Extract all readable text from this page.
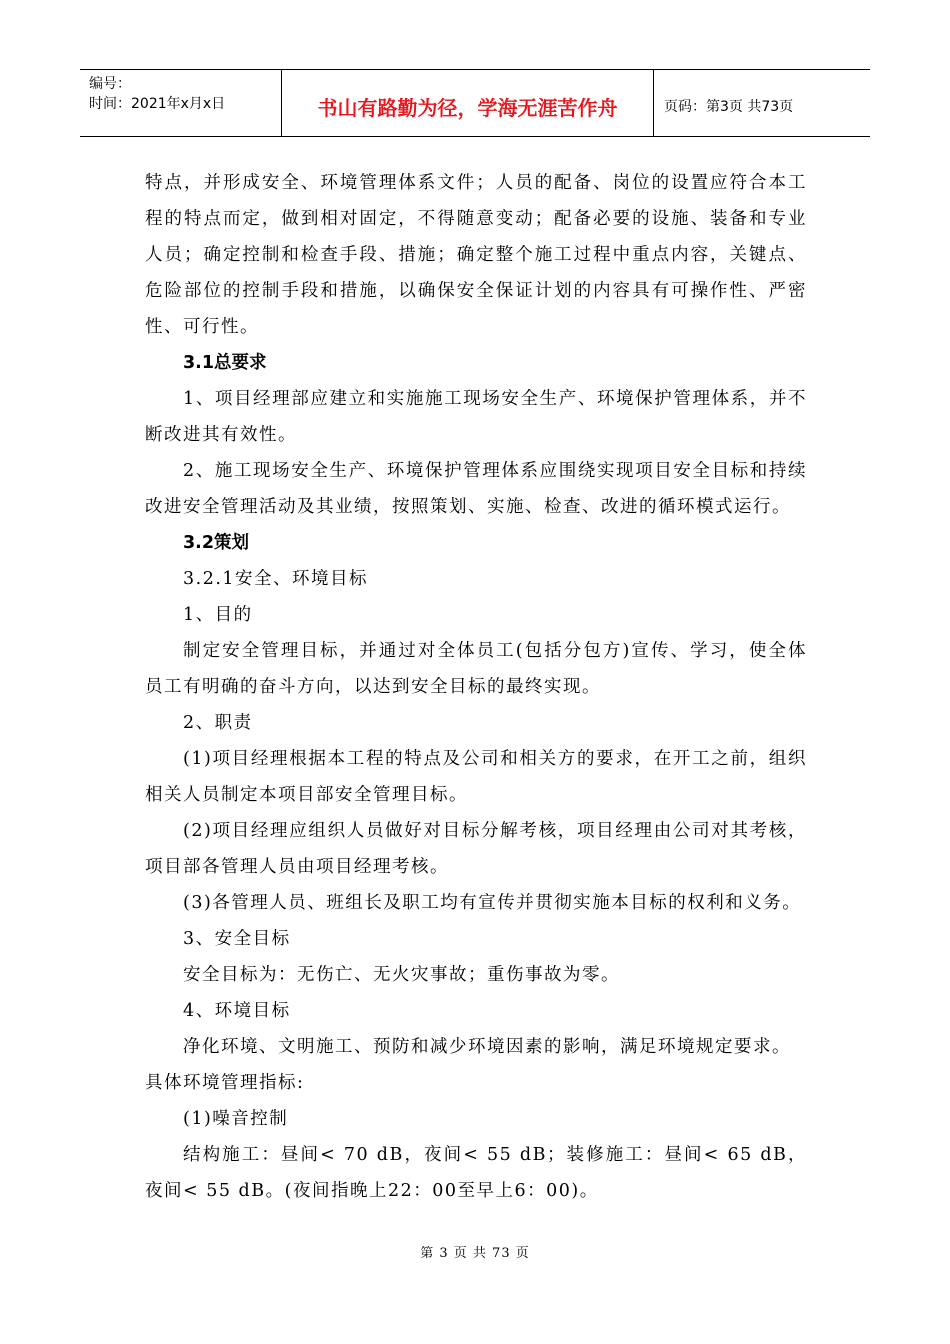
编号：
时间：2021年x月x日	书山有路勤为径，学海无涯苦作舟	页码：第3页 共73页

特点，并形成安全、环境管理体系文件；人员的配备、岗位的设置应符合本工程的特点而定，做到相对固定，不得随意变动；配备必要的设施、装备和专业人员；确定控制和检查手段、措施；确定整个施工过程中重点内容，关键点、危险部位的控制手段和措施，以确保安全保证计划的内容具有可操作性、严密性、可行性。

3.1总要求

1、项目经理部应建立和实施施工现场安全生产、环境保护管理体系，并不断改进其有效性。

2、施工现场安全生产、环境保护管理体系应围绕实现项目安全目标和持续改进安全管理活动及其业绩，按照策划、实施、检查、改进的循环模式运行。

3.2策划

3.2.1安全、环境目标

1、目的

制定安全管理目标，并通过对全体员工(包括分包方)宣传、学习，使全体员工有明确的奋斗方向，以达到安全目标的最终实现。

2、职责

(1)项目经理根据本工程的特点及公司和相关方的要求，在开工之前，组织相关人员制定本项目部安全管理目标。

(2)项目经理应组织人员做好对目标分解考核，项目经理由公司对其考核，项目部各管理人员由项目经理考核。

(3)各管理人员、班组长及职工均有宣传并贯彻实施本目标的权利和义务。

3、安全目标

安全目标为：无伤亡、无火灾事故；重伤事故为零。

4、环境目标

净化环境、文明施工、预防和减少环境因素的影响，满足环境规定要求。

具体环境管理指标:

(1)噪音控制

结构施工：昼间< 70 dB，夜间< 55 dB；装修施工：昼间< 65 dB，夜间< 55 dB。(夜间指晚上22：00至早上6：00)。

第 3 页 共 73 页
